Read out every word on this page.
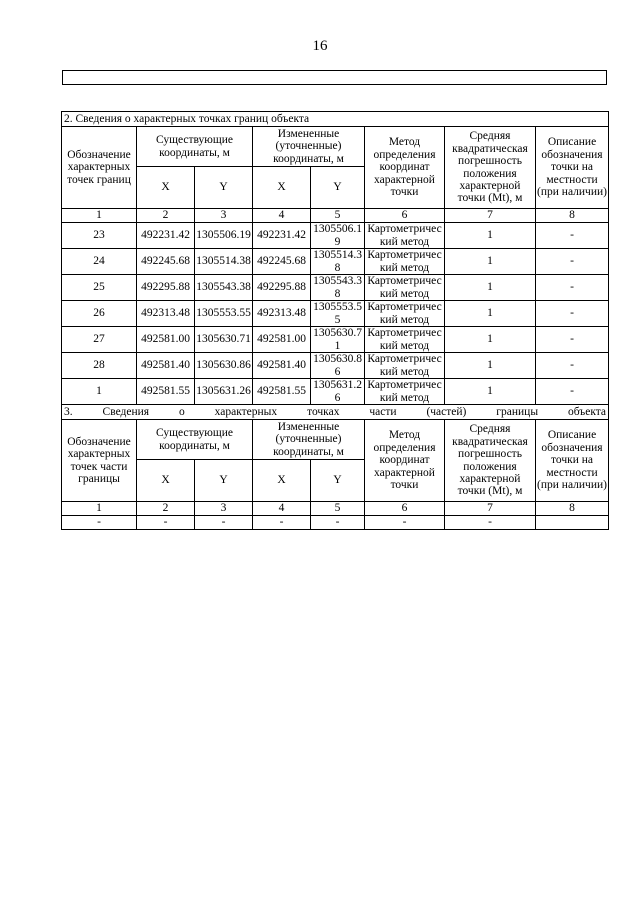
16
2. Сведения о характерных точках границ объекта							
Обозначение характерных точек границ	Существующие координаты, м		Измененные (уточненные) координаты, м		Метод определения координат характерной точки	Средняя квадратическая погрешность положения характерной точки (Mt), м	Описание обозначения точки на местности (при наличии)
	X	Y	X	Y			
1	2	3	4	5	6	7	8
23	492231.42	1305506.19	492231.42	1305506.19	Картометрический метод	1	-
24	492245.68	1305514.38	492245.68	1305514.38	Картометрический метод	1	-
25	492295.88	1305543.38	492295.88	1305543.38	Картометрический метод	1	-
26	492313.48	1305553.55	492313.48	1305553.55	Картометрический метод	1	-
27	492581.00	1305630.71	492581.00	1305630.71	Картометрический метод	1	-
28	492581.40	1305630.86	492581.40	1305630.86	Картометрический метод	1	-
1	492581.55	1305631.26	492581.55	1305631.26	Картометрический метод	1	-
3. Сведения о характерных точках части (частей) границы объекта							
Обозначение характерных точек части границы	Существующие координаты, м		Измененные (уточненные) координаты, м		Метод определения координат характерной точки	Средняя квадратическая погрешность положения характерной точки (Mt), м	Описание обозначения точки на местности (при наличии)
	X	Y	X	Y			
1	2	3	4	5	6	7	8
-	-	-	-	-	-	-	
